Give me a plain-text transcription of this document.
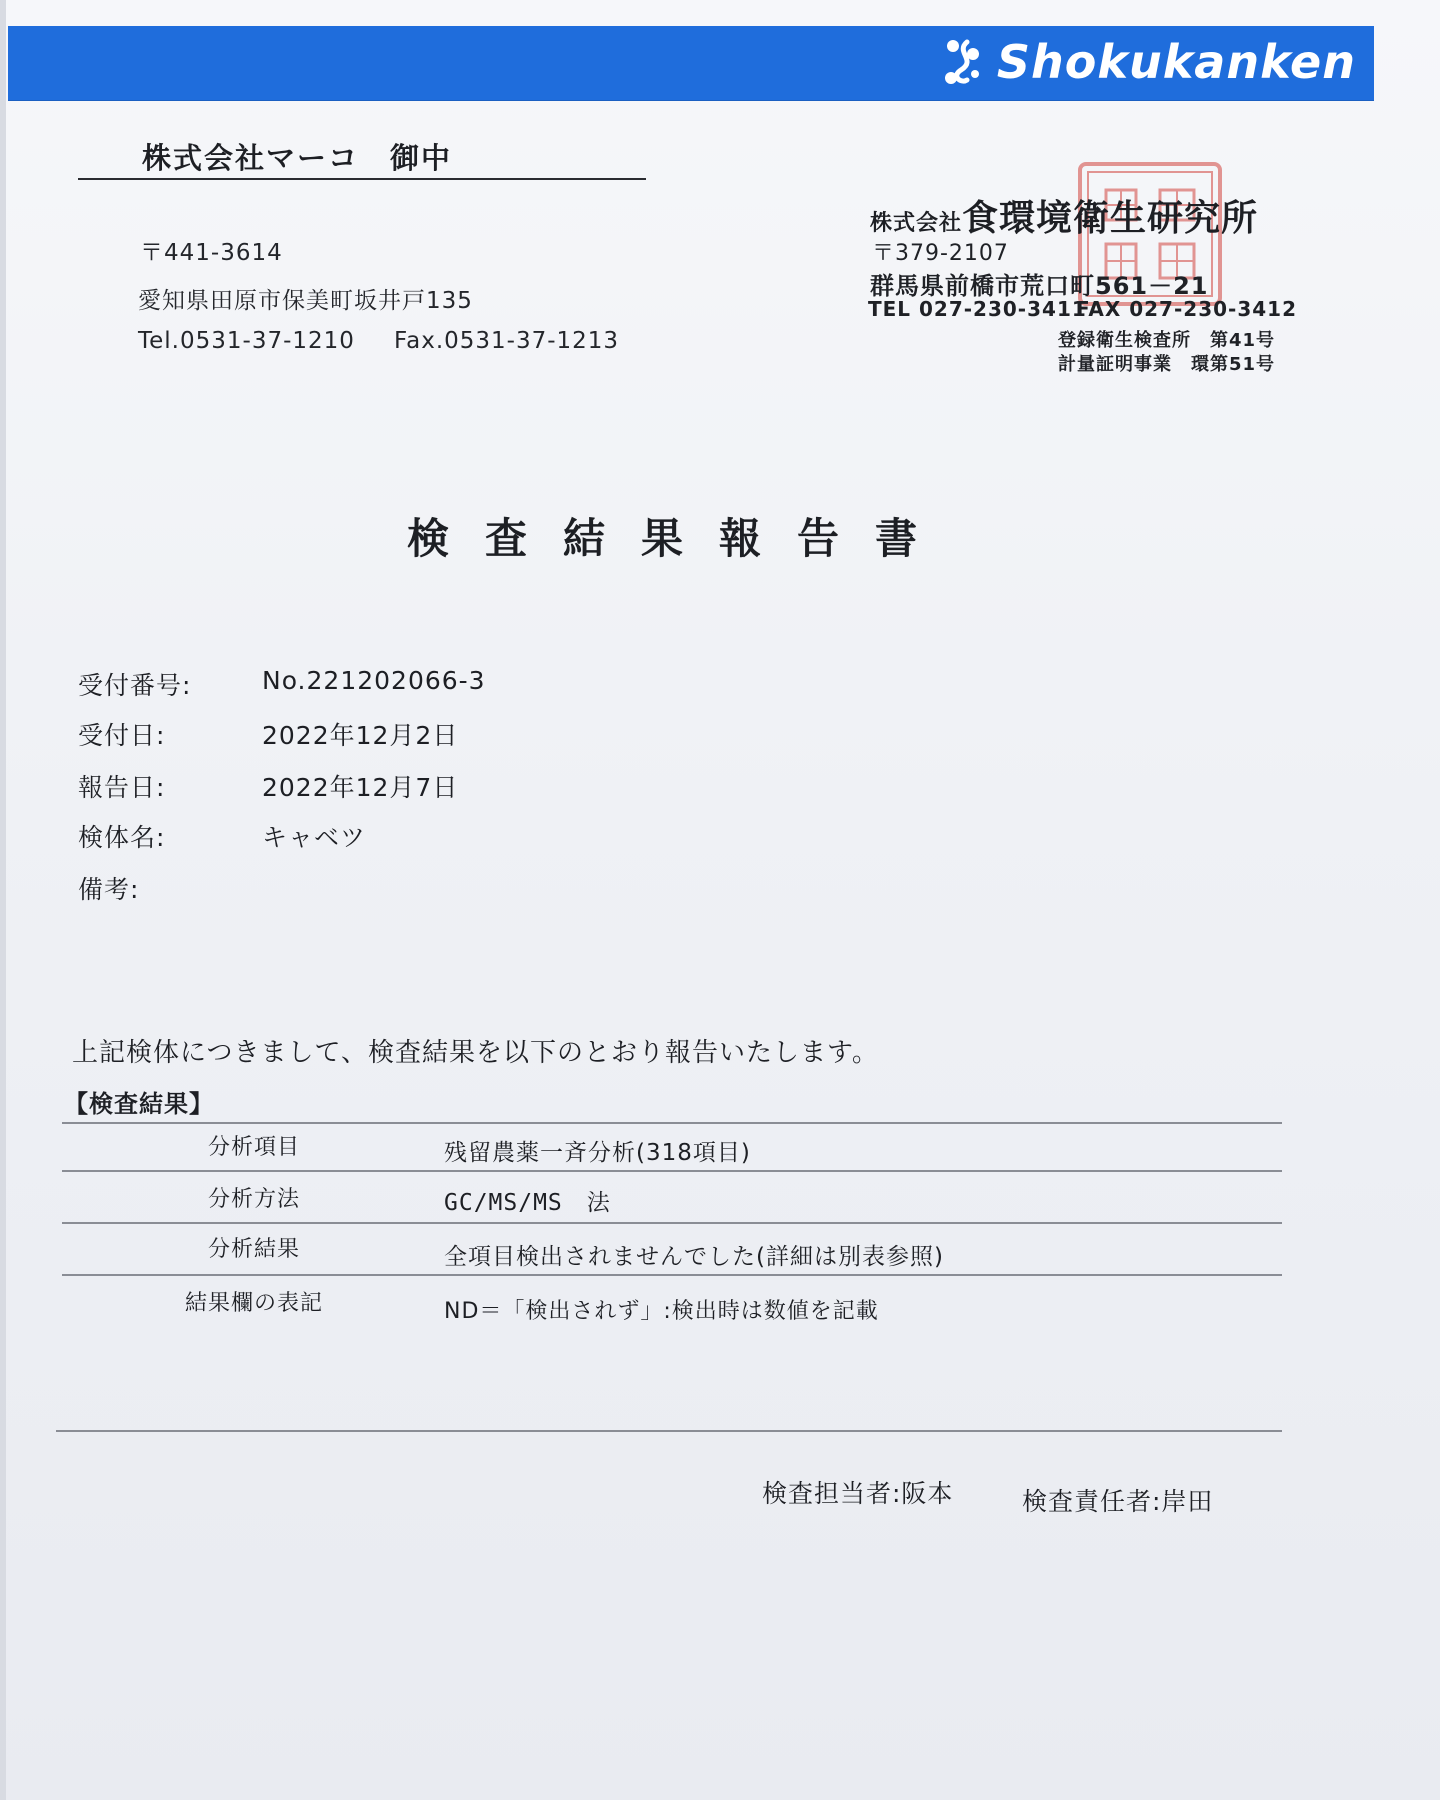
Shokukanken
株式会社マーコ　御中
〒441-3614
愛知県田原市保美町坂井戸135
Tel.0531-37-1210 Fax.0531-37-1213
株式会社 食環境衛生研究所
〒379-2107
群馬県前橋市荒口町561－21
TEL 027-230-3411
FAX 027-230-3412
登録衛生検査所　第41号
計量証明事業　環第51号
検査結果報告書
受付番号:	No.221202066-3
受付日:	2022年12月2日
報告日:	2022年12月7日
検体名:	キャベツ
備考:
上記検体につきまして、検査結果を以下のとおり報告いたします。
【検査結果】
分析項目	残留農薬一斉分析(318項目)
分析方法	GC/MS/MS　法
分析結果	全項目検出されませんでした(詳細は別表参照)
結果欄の表記	ND＝「検出されず」:検出時は数値を記載
検査担当者:阪本	検査責任者:岸田
